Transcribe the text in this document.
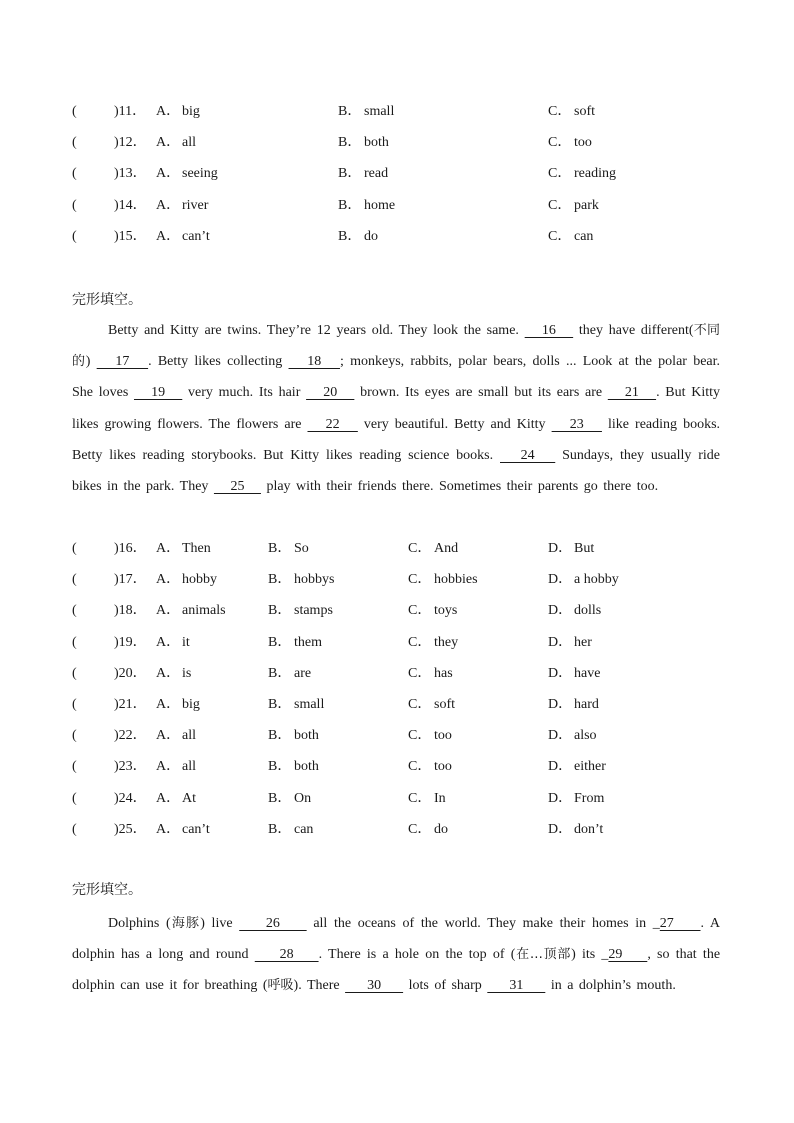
(	)11． A． big	B． small	C． soft
(	)12． A． all	B． both	C． too
(	)13． A． seeing	B． read	C． reading
(	)14． A． river	B． home	C． park
(	)15． A． can’t	B． do	C． can
完形填空。

Betty and Kitty are twins. They’re 12 years old. They look the same.    16    they have different(不同的)    17   . Betty likes collecting    18   ; monkeys, rabbits, polar bears, dolls ... Look at the polar bear. She loves    19    very much. Its hair    20    brown. Its eyes are small but its ears are    21   . But Kitty likes growing flowers. The flowers are    22    very beautiful. Betty and Kitty    23    like reading books. Betty likes reading storybooks. But Kitty likes reading science books.    24    Sundays, they usually ride bikes in the park. They    25    play with their friends there. Sometimes their parents go there too.

(	)16． A． Then	B． So	C． And	D． But
(	)17． A． hobby	B． hobbys	C． hobbies	D． a hobby
(	)18． A． animals	B． stamps	C． toys	D． dolls
(	)19． A． it	B． them	C． they	D． her
(	)20． A． is	B． are	C． has	D． have
(	)21． A． big	B． small	C． soft	D． hard
(	)22． A． all	B． both	C． too	D． also
(	)23． A． all	B． both	C． too	D． either
(	)24． A． At	B． On	C． In	D． From
(	)25． A． can’t	B． can	C． do	D． don’t
完形填空。

Dolphins (海豚) live     26     all the oceans of the world. They make their homes in _27    . A dolphin has a long and round     28    . There is a hole on the top of (在…顶部) its _29    , so that the dolphin can use it for breathing (呼吸). There     30     lots of sharp     31     in a dolphin’s mouth.
